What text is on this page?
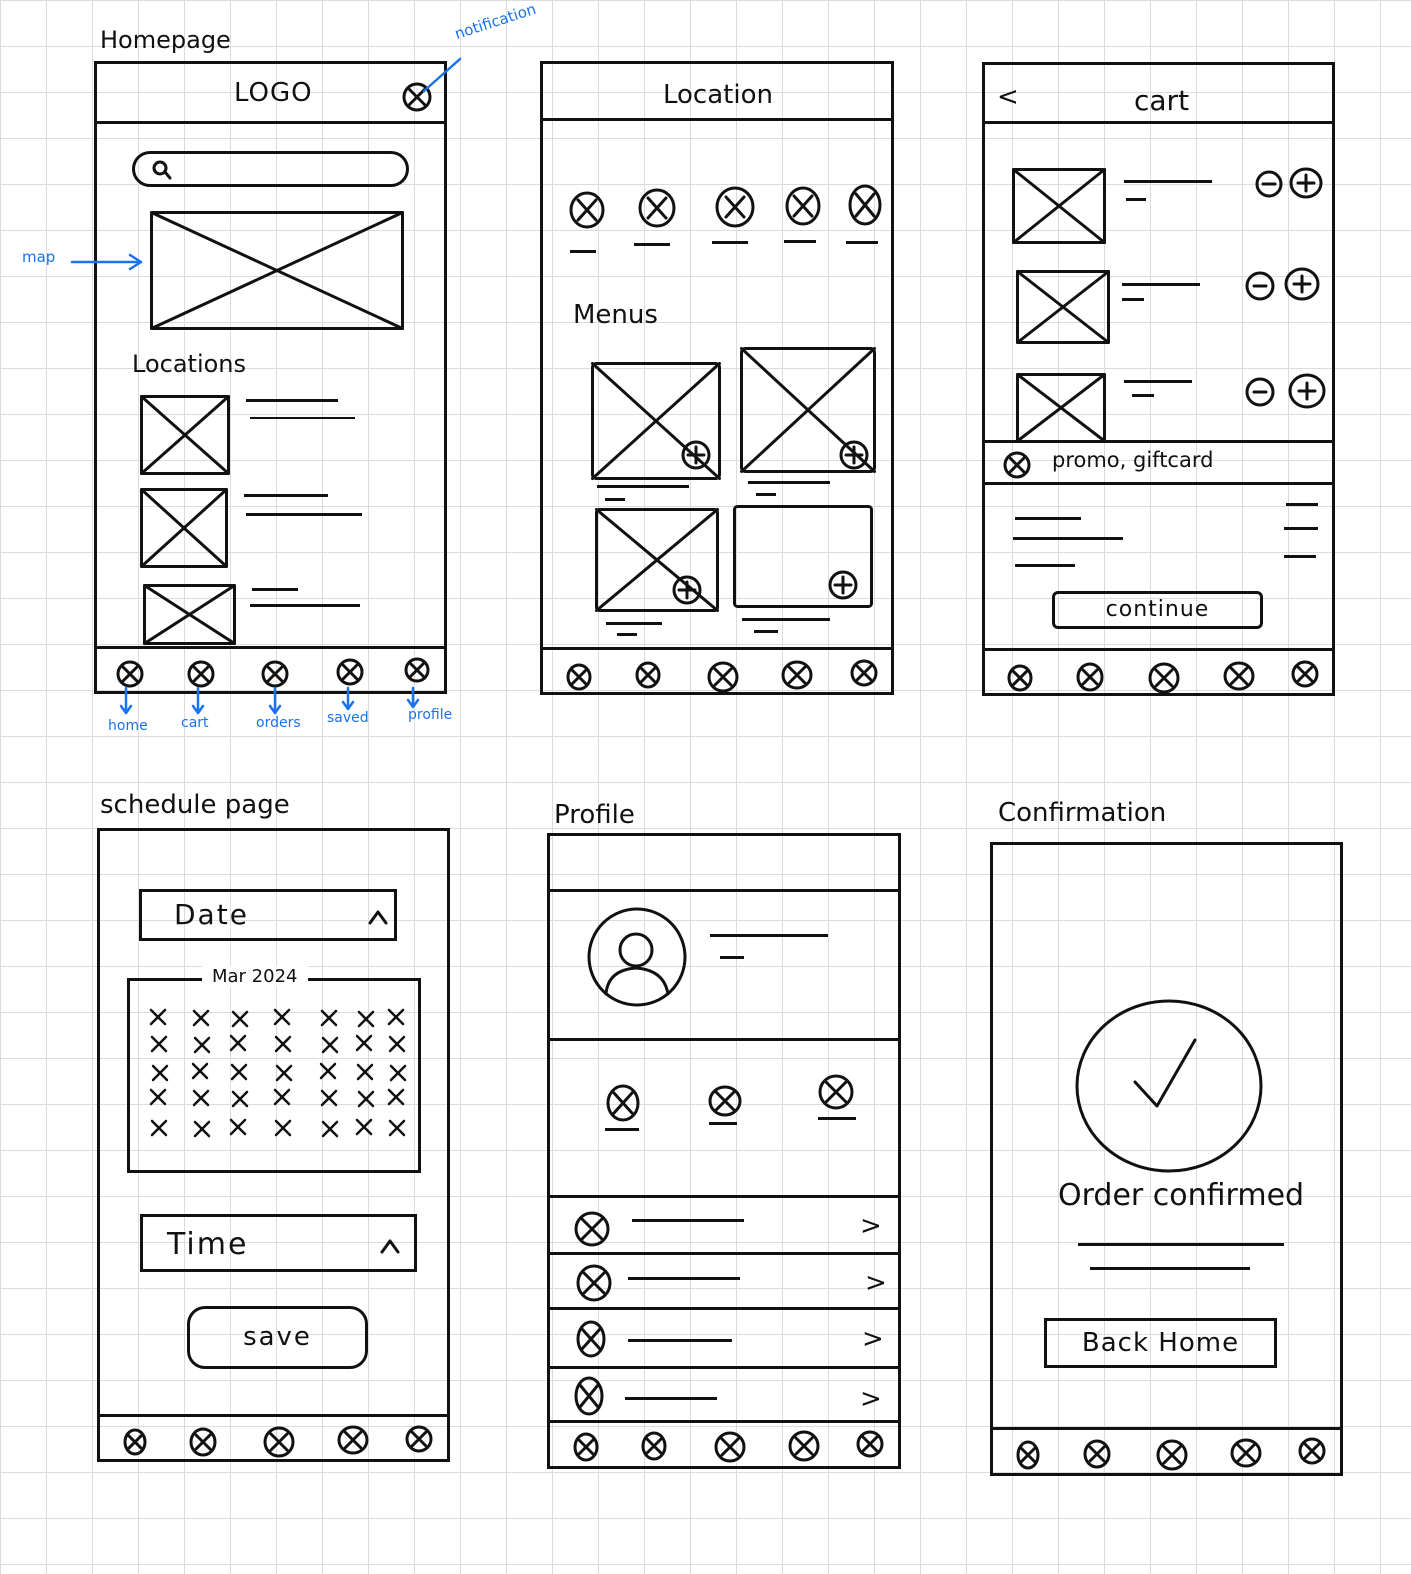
Homepage
LOGO
notification
map
Locations
home cart	orders saved	profile
Location
Menus
<	cart
promo, giftcard
continue
schedule page
Date
Mar 2024
Time
save
Profile
>
>
>
>
Confirmation
Order confirmed
Back Home
